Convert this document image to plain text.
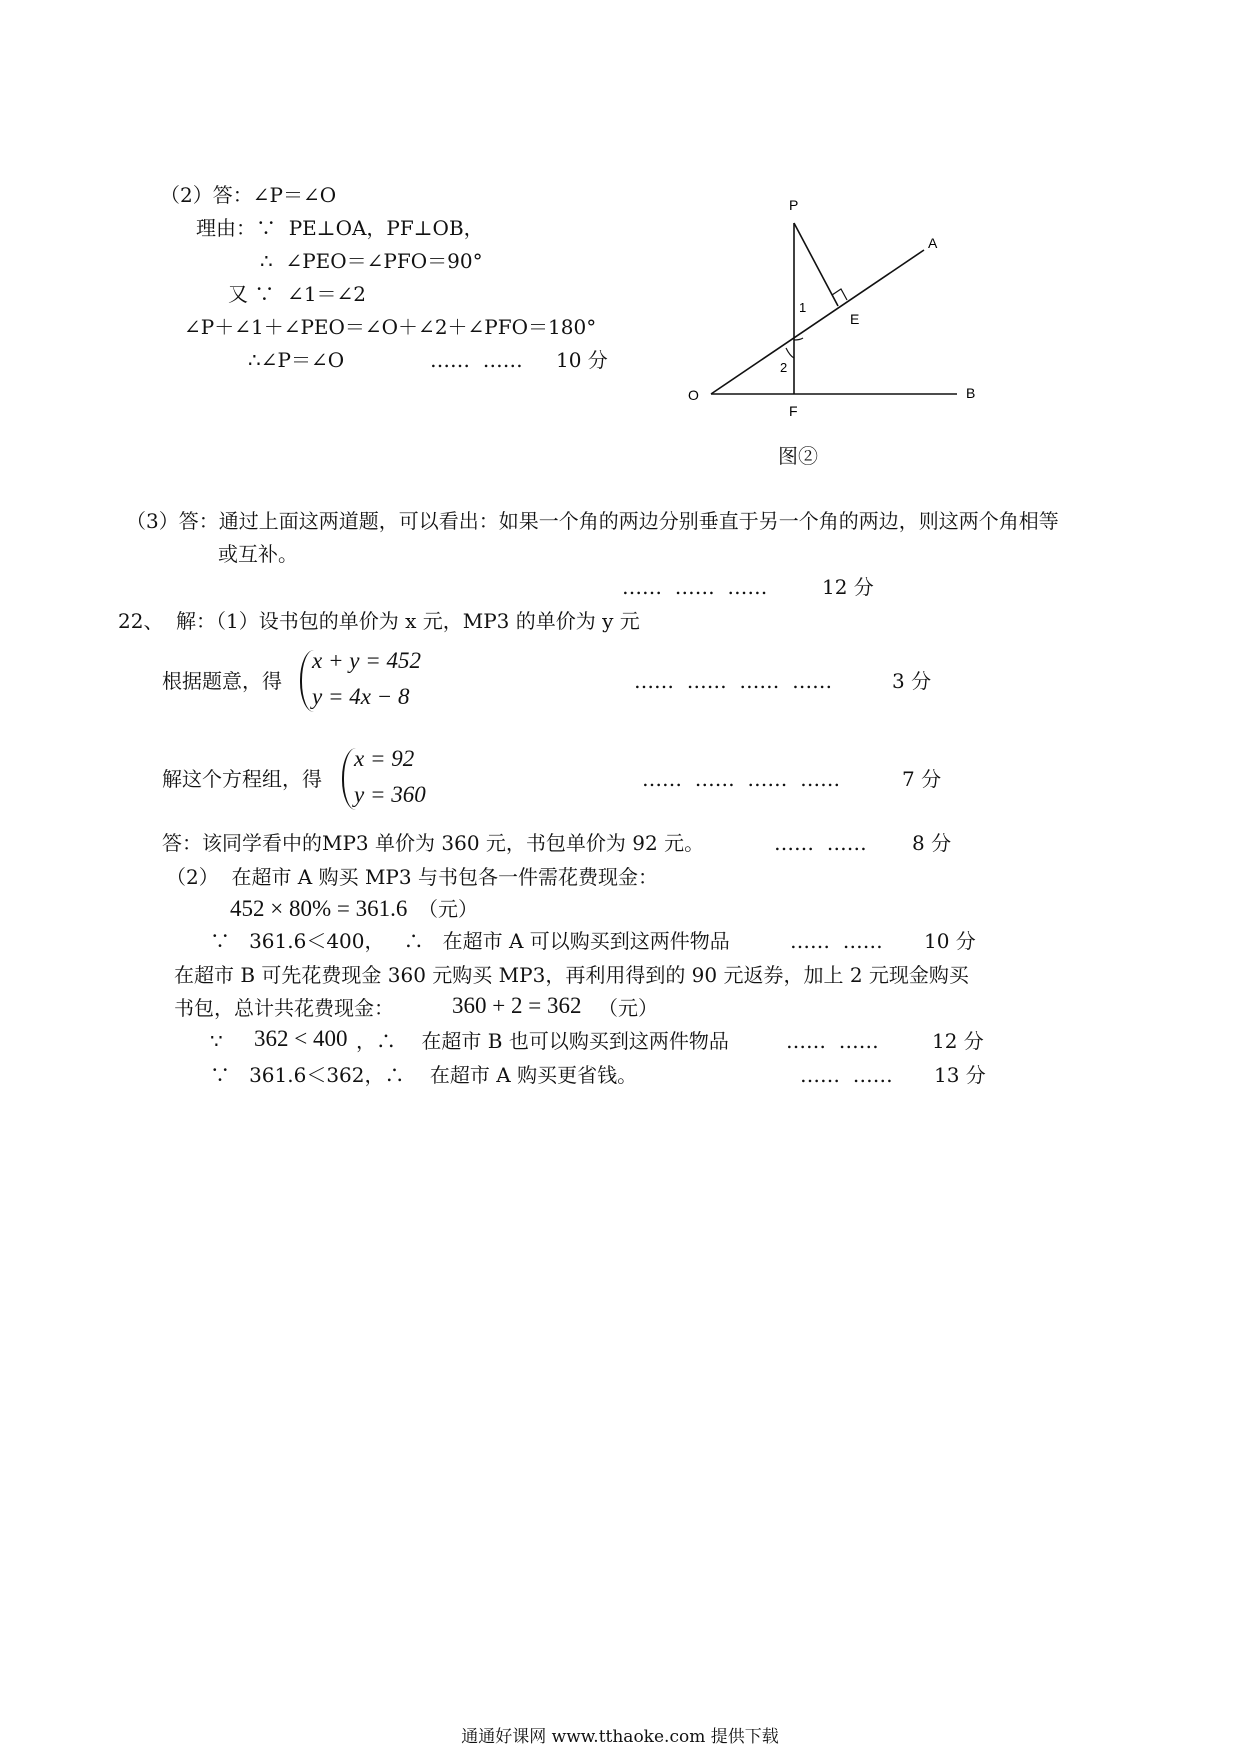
（2）答：∠P＝∠O
理由：∵  PE⊥OA，PF⊥OB，
∴  ∠PEO＝∠PFO＝90°
又 ∵  ∠1＝∠2
∠P＋∠1＋∠PEO＝∠O＋∠2＋∠PFO＝180°
∴∠P＝∠O	……  …… 10 分
P
A
E
O
F
B
1
2
图②
（3）答：通过上面这两道题，可以看出：如果一个角的两边分别垂直于另一个角的两边，则这两个角相等
或互补。
……  ……  ……	12 分
22、 解：（1）设书包的单价为 x 元，MP3 的单价为 y 元
根据题意，得
x + y = 452
y = 4x − 8
……  ……  ……  ……	3 分
解这个方程组，得
x = 92
y = 360
……  ……  ……  ……	7 分
答：该同学看中的MP3 单价为 360 元，书包单价为 92 元。	……  …… 8 分
（2）  在超市 A 购买 MP3 与书包各一件需花费现金：
452 × 80% = 361.6 （元）
∵   361.6＜400，   ∴   在超市 A 可以购买到这两件物品	……  …… 10 分
在超市 B 可先花费现金 360 元购买 MP3，再利用得到的 90 元返券，加上 2 元现金购买
书包，总计共花费现金：	360 + 2 = 362 （元）
∵ 362 < 400 ，∴    在超市 B 也可以购买到这两件物品	……  ……	12 分
∵   361.6＜362，∴    在超市 A 购买更省钱。	……  …… 13 分
通通好课网 www.tthaoke.com 提供下载
